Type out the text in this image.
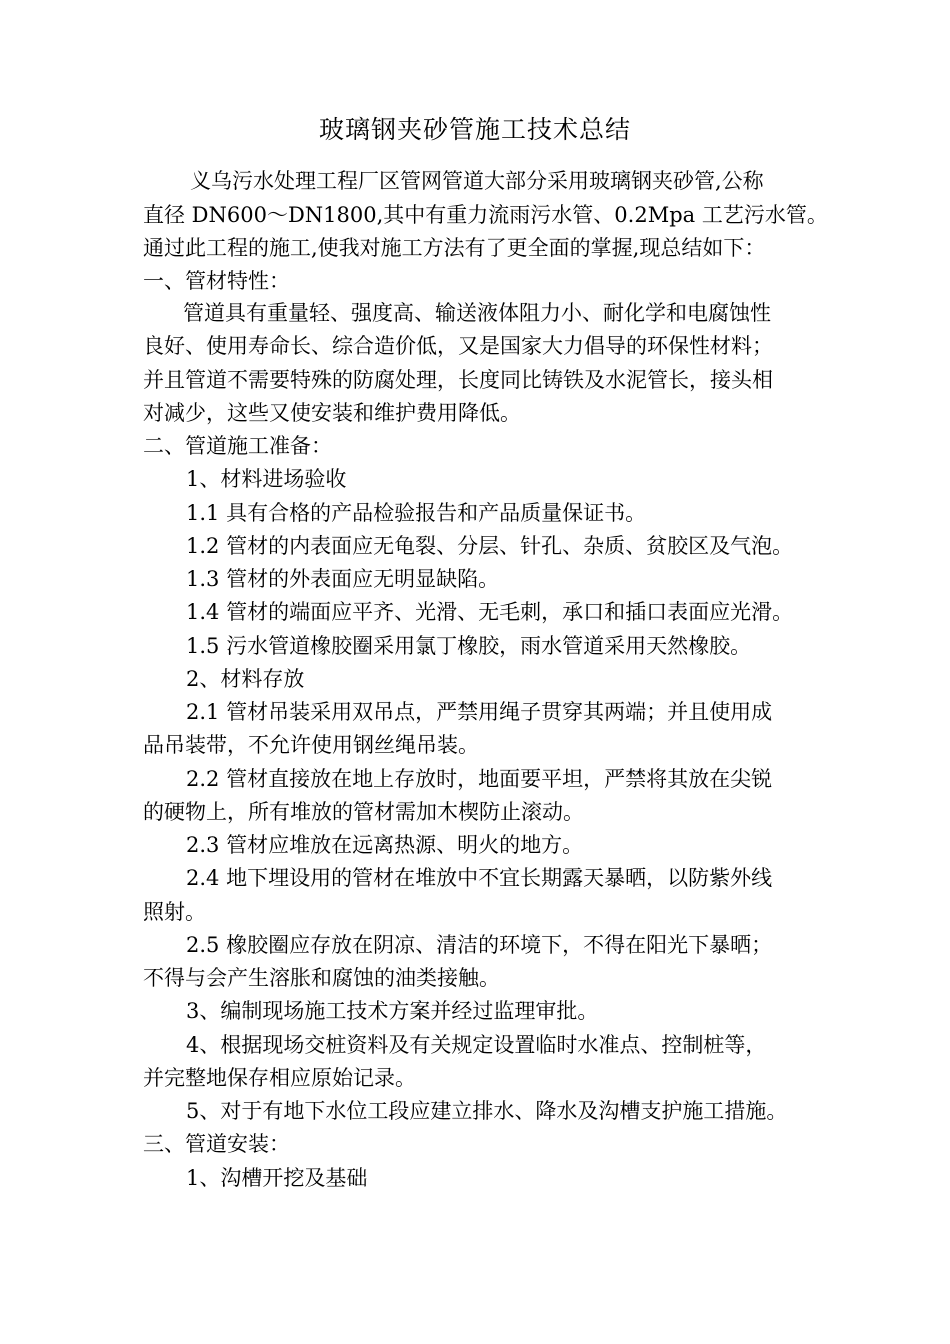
玻璃钢夹砂管施工技术总结
义乌污水处理工程厂区管网管道大部分采用玻璃钢夹砂管,公称
直径 DN600～DN1800,其中有重力流雨污水管、0.2Mpa 工艺污水管。
通过此工程的施工,使我对施工方法有了更全面的掌握,现总结如下：
一、管材特性：
管道具有重量轻、强度高、输送液体阻力小、耐化学和电腐蚀性
良好、使用寿命长、综合造价低，又是国家大力倡导的环保性材料；
并且管道不需要特殊的防腐处理，长度同比铸铁及水泥管长，接头相
对减少，这些又使安装和维护费用降低。
二、管道施工准备：
1、材料进场验收
1.1 具有合格的产品检验报告和产品质量保证书。
1.2 管材的内表面应无龟裂、分层、针孔、杂质、贫胶区及气泡。
1.3 管材的外表面应无明显缺陷。
1.4 管材的端面应平齐、光滑、无毛刺，承口和插口表面应光滑。
1.5 污水管道橡胶圈采用氯丁橡胶，雨水管道采用天然橡胶。
2、材料存放
2.1 管材吊装采用双吊点，严禁用绳子贯穿其两端；并且使用成
品吊装带，不允许使用钢丝绳吊装。
2.2 管材直接放在地上存放时，地面要平坦，严禁将其放在尖锐
的硬物上，所有堆放的管材需加木楔防止滚动。
2.3 管材应堆放在远离热源、明火的地方。
2.4 地下埋设用的管材在堆放中不宜长期露天暴晒，以防紫外线
照射。
2.5 橡胶圈应存放在阴凉、清洁的环境下，不得在阳光下暴晒；
不得与会产生溶胀和腐蚀的油类接触。
3、编制现场施工技术方案并经过监理审批。
4、根据现场交桩资料及有关规定设置临时水准点、控制桩等，
并完整地保存相应原始记录。
5、对于有地下水位工段应建立排水、降水及沟槽支护施工措施。
三、管道安装：
1、沟槽开挖及基础
